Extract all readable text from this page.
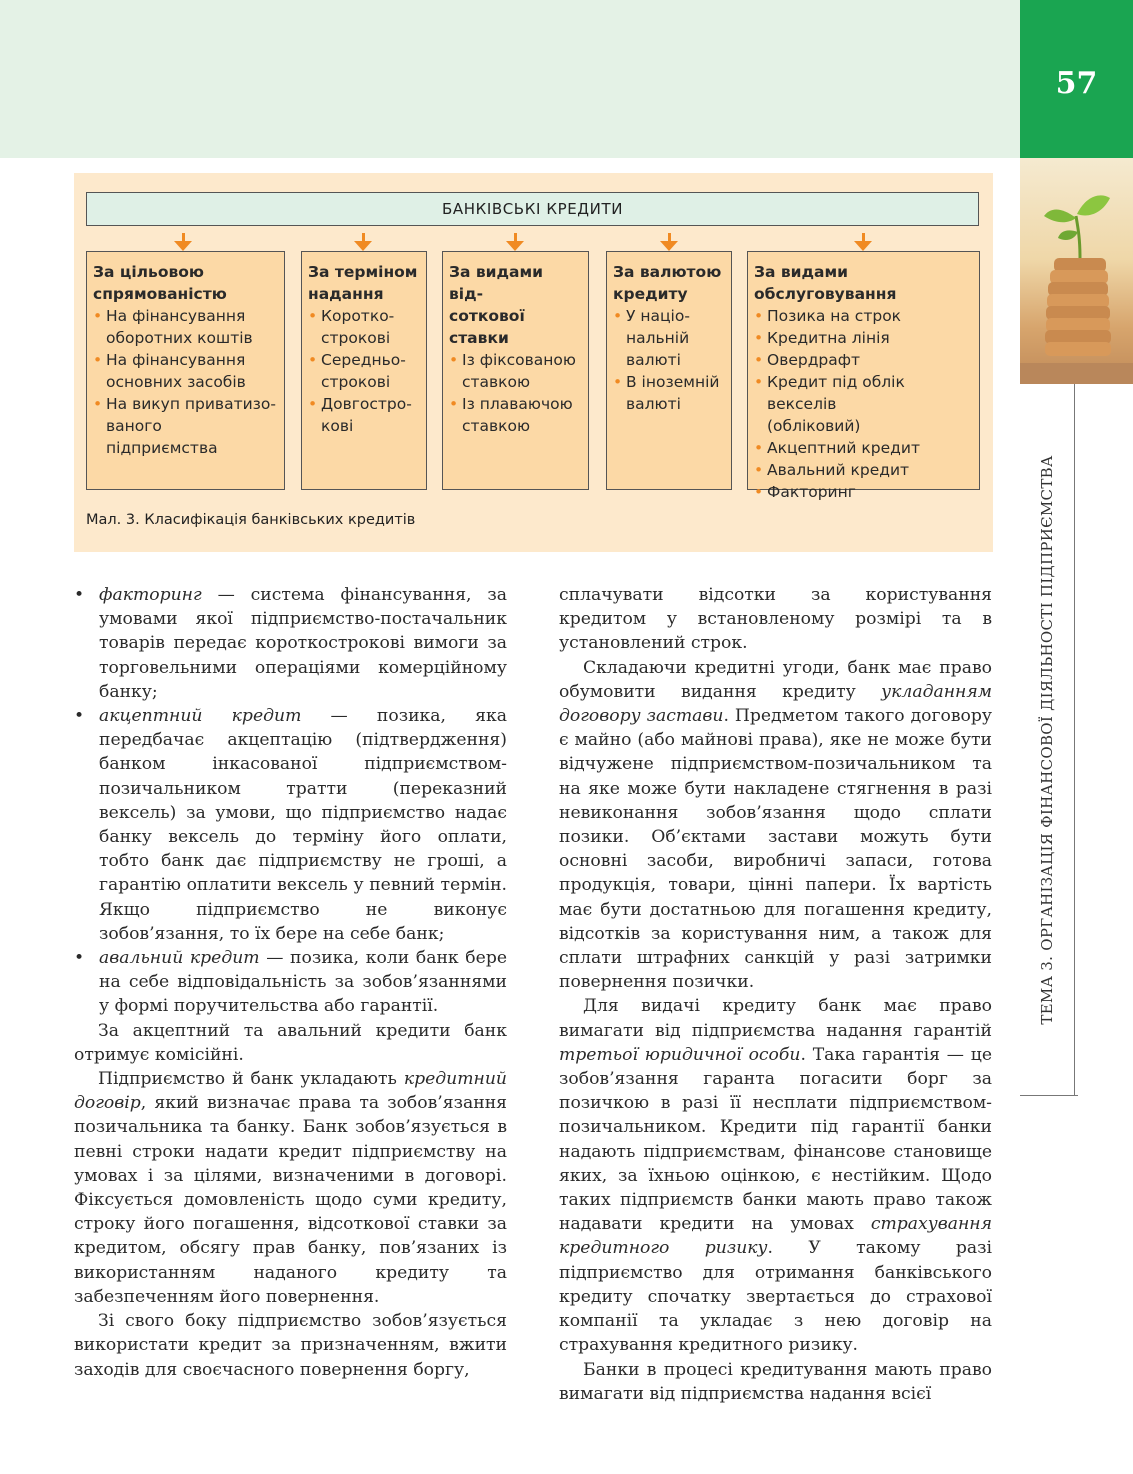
57
ТЕМА 3. ОРГАНІЗАЦІЯ ФІНАНСОВОЇ ДІЯЛЬНОСТІ ПІДПРИЄМСТВА
БАНКІВСЬКІ КРЕДИТИ
За цільовою
спрямованістю
• На фінансування
оборотних коштів
• На фінансування
основних засобів
• На викуп приватизо-
ваного підприємства
За терміном
надання
• Коротко-
строкові
• Середньо-
строкові
• Довгостро-
кові
За видами від-
соткової ставки
• Із фіксованою
ставкою
• Із плаваючою
ставкою
За валютою
кредиту
• У націо-
нальній
валюті
• В іноземній
валюті
За видами
обслуговування
• Позика на строк
• Кредитна лінія
• Овердрафт
• Кредит під облік векселів
(обліковий)
• Акцептний кредит
• Авальний кредит
• Факторинг
Мал. 3. Класифікація банківських кредитів
• факторинг — система фінансування, за умовами якої підприємство-постачальник товарів передає короткострокові вимоги за торговельними операціями комерційному банку;
• акцептний кредит — позика, яка передбачає акцептацію (підтвердження) банком інкасованої підприємством-позичальником тратти (переказний вексель) за умови, що підприємство надає банку вексель до терміну його оплати, тобто банк дає підприємству не гроші, а гарантію оплатити вексель у певний термін. Якщо підприємство не виконує зобов’язання, то їх бере на себе банк;
• авальний кредит — позика, коли банк бере на себе відповідальність за зобов’язаннями у формі поручительства або гарантії.

За акцептний та авальний кредити банк отримує комісійні.

Підприємство й банк укладають кредитний договір, який визначає права та зобов’язання позичальника та банку. Банк зобов’язується в певні строки надати кредит підприємству на умовах і за цілями, визначеними в договорі. Фіксується домовленість щодо суми кредиту, строку його погашення, відсоткової ставки за кредитом, обсягу прав банку, пов’язаних із використанням наданого кредиту та забезпеченням його повернення.

Зі свого боку підприємство зобов’язується використати кредит за призначенням, вжити заходів для своєчасного повернення боргу,

сплачувати відсотки за користування кредитом у встановленому розмірі та в установлений строк.

Складаючи кредитні угоди, банк має право обумовити видання кредиту укладанням договору застави. Предметом такого договору є майно (або майнові права), яке не може бути відчужене підприємством-позичальником та на яке може бути накладене стягнення в разі невиконання зобов’язання щодо сплати позики. Об’єктами застави можуть бути основні засоби, виробничі запаси, готова продукція, товари, цінні папери. Їх вартість має бути достатньою для погашення кредиту, відсотків за користування ним, а також для сплати штрафних санкцій у разі затримки повернення позички.

Для видачі кредиту банк має право вимагати від підприємства надання гарантій третьої юридичної особи. Така гарантія — це зобов’язання гаранта погасити борг за позичкою в разі її несплати підприємством-позичальником. Кредити під гарантії банки надають підприємствам, фінансове становище яких, за їхньою оцінкою, є нестійким. Щодо таких підприємств банки мають право також надавати кредити на умовах страхування кредитного ризику. У такому разі підприємство для отримання банківського кредиту спочатку звертається до страхової компанії та укладає з нею договір на страхування кредитного ризику.

Банки в процесі кредитування мають право вимагати від підприємства надання всієї
